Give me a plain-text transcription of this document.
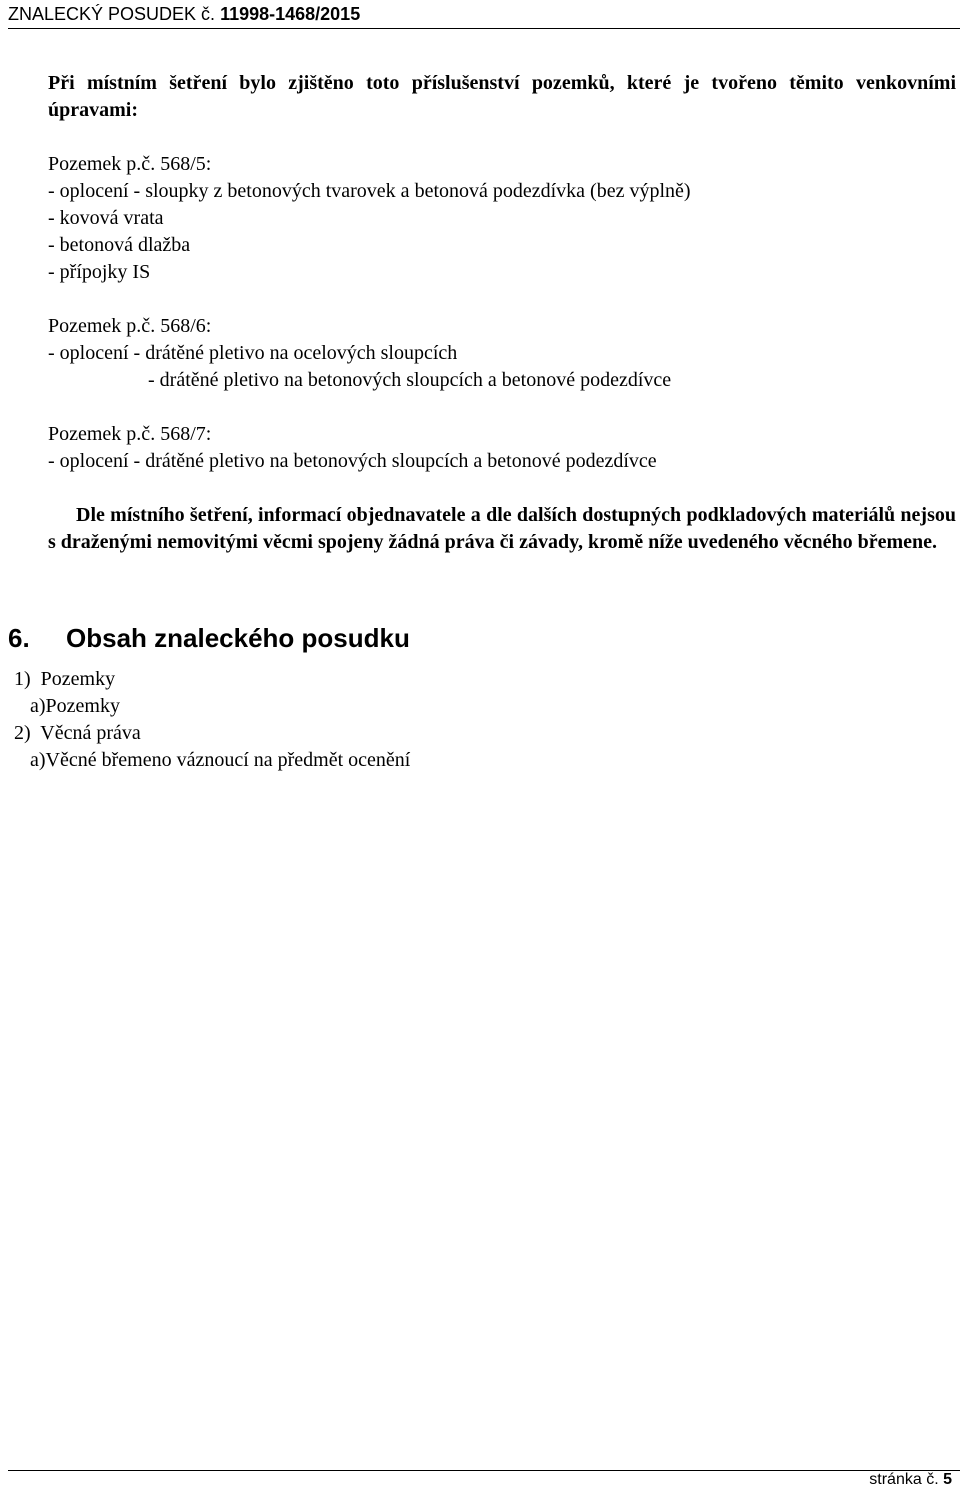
ZNALECKÝ POSUDEK č. 11998-1468/2015

Při místním šetření bylo zjištěno toto příslušenství pozemků, které je tvořeno těmito venkovními úpravami:

Pozemek p.č. 568/5:
- oplocení - sloupky z betonových tvarovek a betonová podezdívka (bez výplně)
- kovová vrata
- betonová dlažba
- přípojky IS
Pozemek p.č. 568/6:
- oplocení - drátěné pletivo na ocelových sloupcích
- drátěné pletivo na betonových sloupcích a betonové podezdívce
Pozemek p.č. 568/7:
- oplocení - drátěné pletivo na betonových sloupcích a betonové podezdívce

Dle místního šetření, informací objednavatele a dle dalších dostupných podkladových materiálů nejsou s draženými nemovitými věcmi spojeny žádná práva či závady, kromě níže uvedeného věcného břemene.

6. Obsah znaleckého posudku
1)  Pozemky
a)Pozemky
2)  Věcná práva
a)Věcné břemeno váznoucí na předmět ocenění
stránka č. 5
